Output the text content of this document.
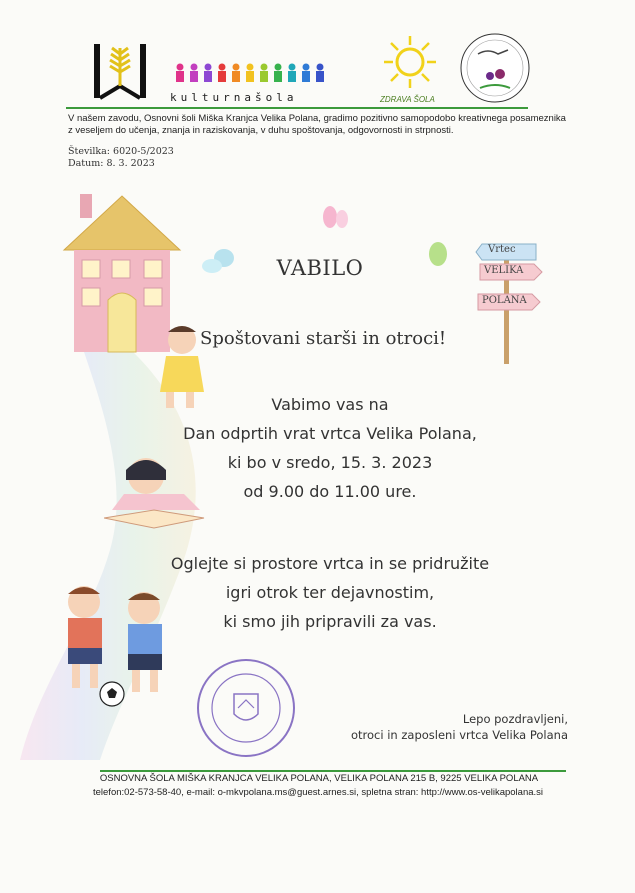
kulturnašola	ZDRAVA ŠOLA
V našem zavodu, Osnovni šoli Miška Kranjca Velika Polana, gradimo pozitivno samopodobo kreativnega posameznika z veseljem do učenja, znanja in raziskovanja, v duhu spoštovanja, odgovornosti in strpnosti.
Številka: 6020-5/2023
Datum: 8. 3. 2023
Vrtec
VELIKA
POLANA
VABILO
Spoštovani starši in otroci!
Vabimo vas na
Dan odprtih vrat vrtca Velika Polana,
ki bo v sredo, 15. 3. 2023
od 9.00 do 11.00 ure.
Oglejte si prostore vrtca in se pridružite
igri otrok ter dejavnostim,
ki smo jih pripravili za vas.
Lepo pozdravljeni,
otroci in zaposleni vrtca Velika Polana
OSNOVNA ŠOLA MIŠKA KRANJCA VELIKA POLANA, VELIKA POLANA 215 B, 9225 VELIKA POLANA
telefon:02-573-58-40, e-mail: o-mkvpolana.ms@guest.arnes.si, spletna stran: http://www.os-velikapolana.si
